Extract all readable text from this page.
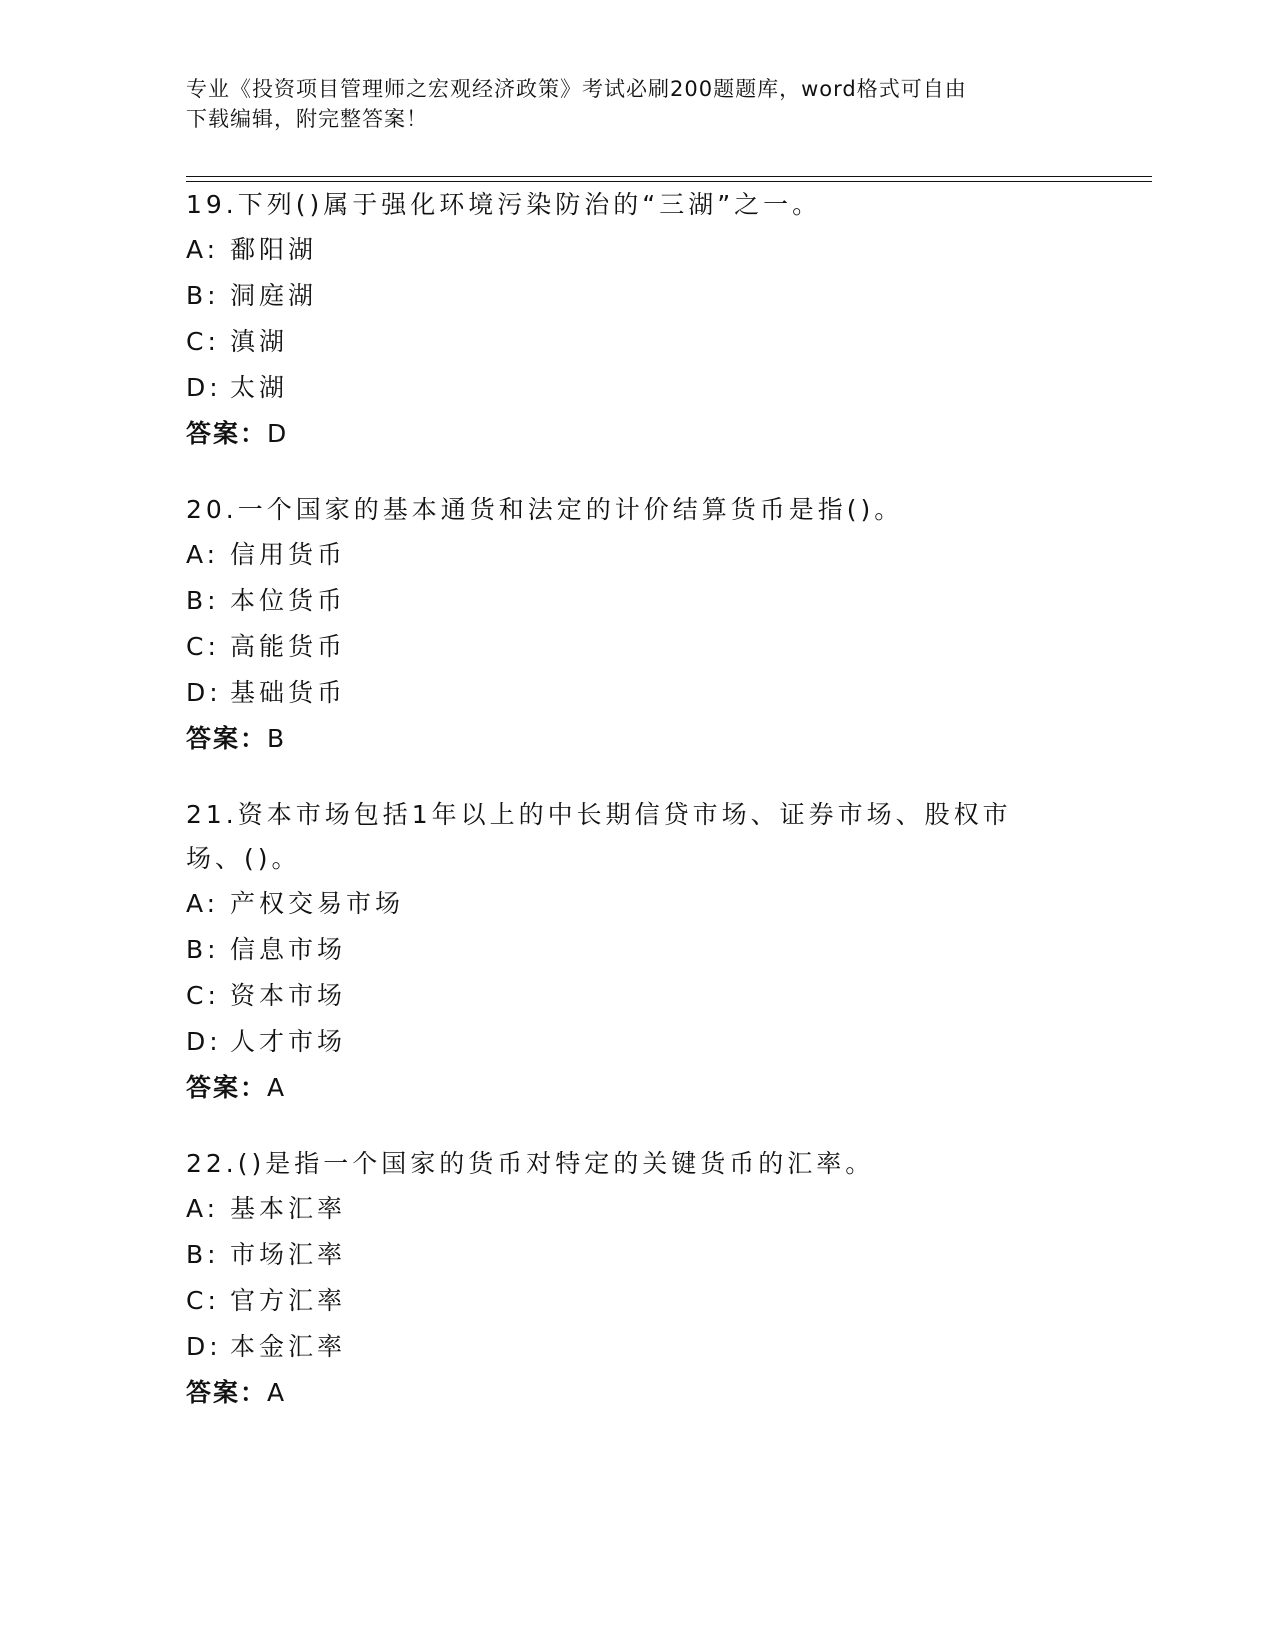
专业《投资项目管理师之宏观经济政策》考试必刷200题题库，word格式可自由
下载编辑，附完整答案！

19.下列()属于强化环境污染防治的“三湖”之一。

A: 鄱阳湖

B: 洞庭湖

C: 滇湖

D: 太湖

答案：D

20.一个国家的基本通货和法定的计价结算货币是指()。

A: 信用货币

B: 本位货币

C: 高能货币

D: 基础货币

答案：B

21.资本市场包括1年以上的中长期信贷市场、证券市场、股权市场、()。

A: 产权交易市场

B: 信息市场

C: 资本市场

D: 人才市场

答案：A

22.()是指一个国家的货币对特定的关键货币的汇率。

A: 基本汇率

B: 市场汇率

C: 官方汇率

D: 本金汇率

答案：A
